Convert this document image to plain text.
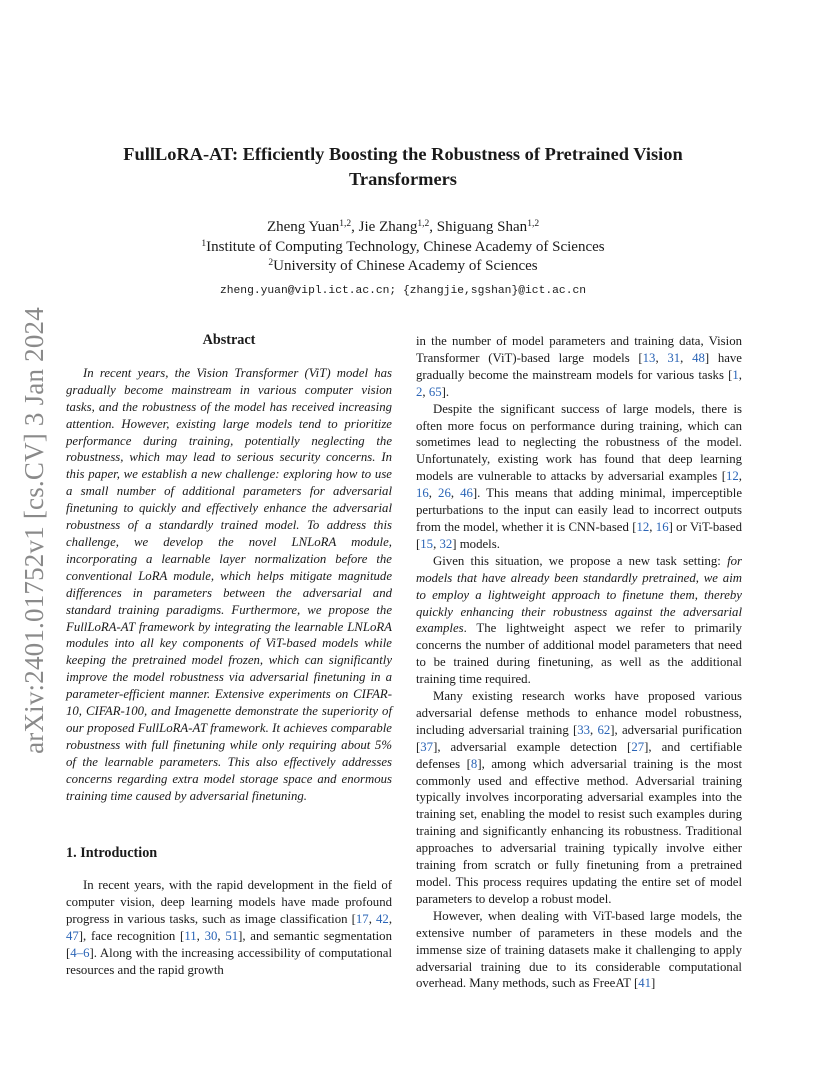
arXiv:2401.01752v1 [cs.CV] 3 Jan 2024
FullLoRA-AT: Efficiently Boosting the Robustness of Pretrained Vision Transformers
Zheng Yuan$^{1,2}$, Jie Zhang$^{1,2}$, Shiguang Shan$^{1,2}$
$^1$Institute of Computing Technology, Chinese Academy of Sciences
$^2$University of Chinese Academy of Sciences
zheng.yuan@vipl.ict.ac.cn; {zhangjie,sgshan}@ict.ac.cn
Abstract

In recent years, the Vision Transformer (ViT) model has gradually become mainstream in various computer vision tasks, and the robustness of the model has received increasing attention. However, existing large models tend to prioritize performance during training, potentially neglecting the robustness, which may lead to serious security concerns. In this paper, we establish a new challenge: exploring how to use a small number of additional parameters for adversarial finetuning to quickly and effectively enhance the adversarial robustness of a standardly trained model. To address this challenge, we develop the novel LNLoRA module, incorporating a learnable layer normalization before the conventional LoRA module, which helps mitigate magnitude differences in parameters between the adversarial and standard training paradigms. Furthermore, we propose the FullLoRA-AT framework by integrating the learnable LNLoRA modules into all key components of ViT-based models while keeping the pretrained model frozen, which can significantly improve the model robustness via adversarial finetuning in a parameter-efficient manner. Extensive experiments on CIFAR-10, CIFAR-100, and Imagenette demonstrate the superiority of our proposed FullLoRA-AT framework. It achieves comparable robustness with full finetuning while only requiring about 5% of the learnable parameters. This also effectively addresses concerns regarding extra model storage space and enormous training time caused by adversarial finetuning.

1. Introduction

In recent years, with the rapid development in the field of computer vision, deep learning models have made profound progress in various tasks, such as image classification [17, 42, 47], face recognition [11, 30, 51], and semantic segmentation [4–6]. Along with the increasing accessibility of computational resources and the rapid growth

in the number of model parameters and training data, Vision Transformer (ViT)-based large models [13, 31, 48] have gradually become the mainstream models for various tasks [1, 2, 65].

Despite the significant success of large models, there is often more focus on performance during training, which can sometimes lead to neglecting the robustness of the model. Unfortunately, existing work has found that deep learning models are vulnerable to attacks by adversarial examples [12, 16, 26, 46]. This means that adding minimal, imperceptible perturbations to the input can easily lead to incorrect outputs from the model, whether it is CNN-based [12, 16] or ViT-based [15, 32] models.

Given this situation, we propose a new task setting: for models that have already been standardly pretrained, we aim to employ a lightweight approach to finetune them, thereby quickly enhancing their robustness against the adversarial examples. The lightweight aspect we refer to primarily concerns the number of additional model parameters that need to be trained during finetuning, as well as the additional training time required.

Many existing research works have proposed various adversarial defense methods to enhance model robustness, including adversarial training [33, 62], adversarial purification [37], adversarial example detection [27], and certifiable defenses [8], among which adversarial training is the most commonly used and effective method. Adversarial training typically involves incorporating adversarial examples into the training set, enabling the model to resist such examples during training and significantly enhancing its robustness. Traditional approaches to adversarial training typically involve either training from scratch or fully finetuning from a pretrained model. This process requires updating the entire set of model parameters to develop a robust model.

However, when dealing with ViT-based large models, the extensive number of parameters in these models and the immense size of training datasets make it challenging to apply adversarial training due to its considerable computational overhead. Many methods, such as FreeAT [41]
